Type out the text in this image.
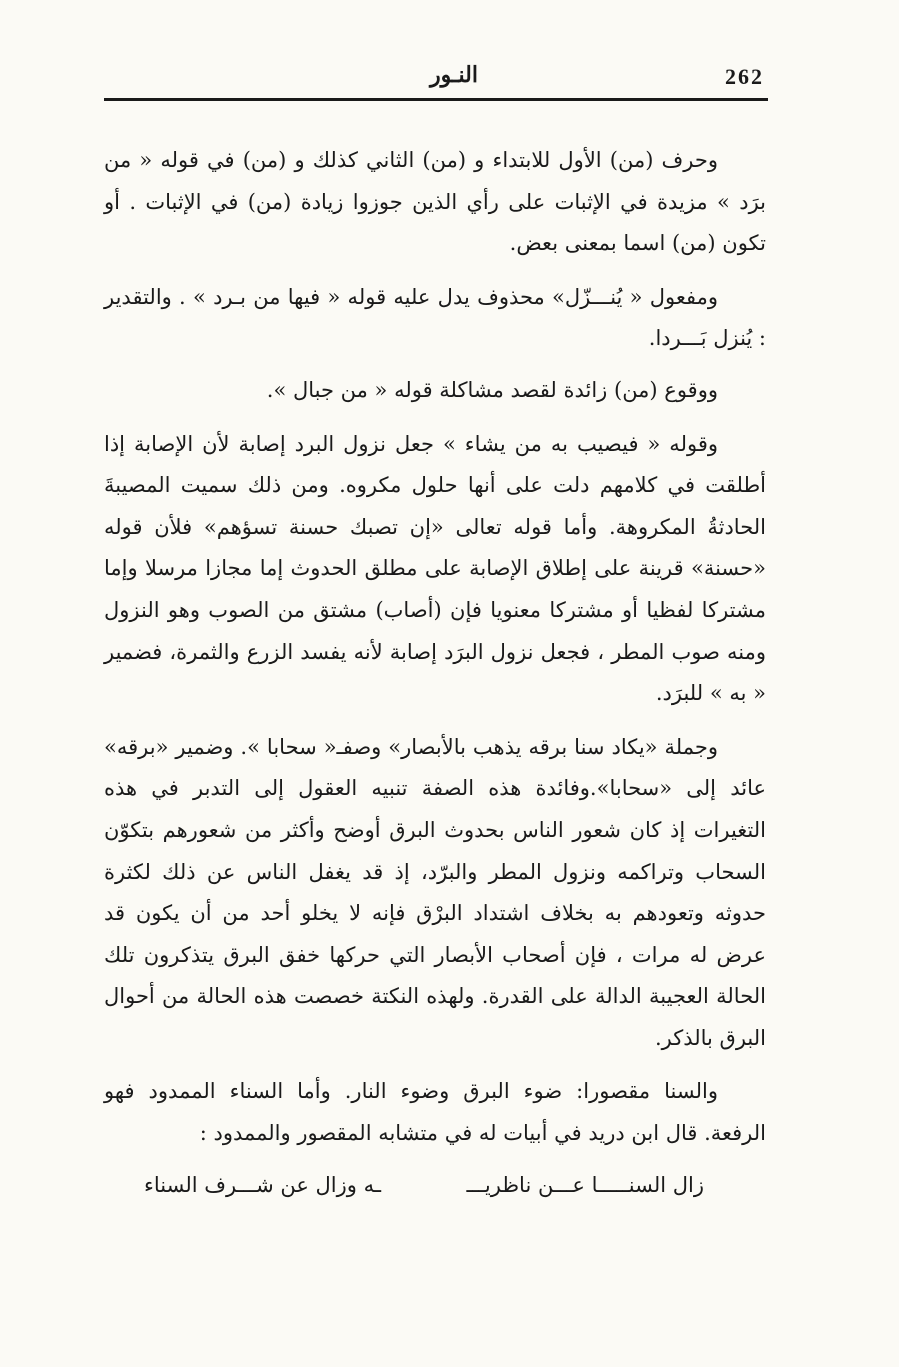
النـور	262

وحرف (من) الأول للابتداء و (من) الثاني كذلك و (من) في قوله « من برَد » مزيدة في الإثبات على رأي الذين جوزوا زيادة (من) في الإثبات . أو تكون (من) اسما بمعنى بعض.

ومفعول « يُنـــزّل» محذوف يدل عليه قوله « فيها من بـرد » . والتقدير : يُنزل بَـــردا.

ووقوع (من) زائدة لقصد مشاكلة قوله « من جبال ».

وقوله « فيصيب به من يشاء » جعل نزول البرد إصابة لأن الإصابة إذا أطلقت في كلامهم دلت على أنها حلول مكروه. ومن ذلك سميت المصيبةَ الحادثةُ المكروهة. وأما قوله تعالى «إن تصبك حسنة تسؤهم» فلأن قوله «حسنة» قرينة على إطلاق الإصابة على مطلق الحدوث إما مجازا مرسلا وإما مشتركا لفظيا أو مشتركا معنويا فإن (أصاب) مشتق من الصوب وهو النزول ومنه صوب المطر ، فجعل نزول البرَد إصابة لأنه يفسد الزرع والثمرة، فضمير « به » للبرَد.

وجملة «يكاد سنا برقه يذهب بالأبصار» وصفـ« سحابا ». وضمير «برقه» عائد إلى «سحابا».وفائدة هذه الصفة تنبيه العقول إلى التدبر في هذه التغيرات إذ كان شعور الناس بحدوث البرق أوضح وأكثر من شعورهم بتكوّن السحاب وتراكمه ونزول المطر والبرّد، إذ قد يغفل الناس عن ذلك لكثرة حدوثه وتعودهم به بخلاف اشتداد البرْق فإنه لا يخلو أحد من أن يكون قد عرض له مرات ، فإن أصحاب الأبصار التي حركها خفق البرق يتذكرون تلك الحالة العجيبة الدالة على القدرة. ولهذه النكتة خصصت هذه الحالة من أحوال البرق بالذكر.

والسنا مقصورا: ضوء البرق وضوء النار. وأما السناء الممدود فهو الرفعة. قال ابن دريد في أبيات له في متشابه المقصور والممدود :

زال السنـــــا عـــن ناظريـــ
ـه وزال عن شـــرف السناء
